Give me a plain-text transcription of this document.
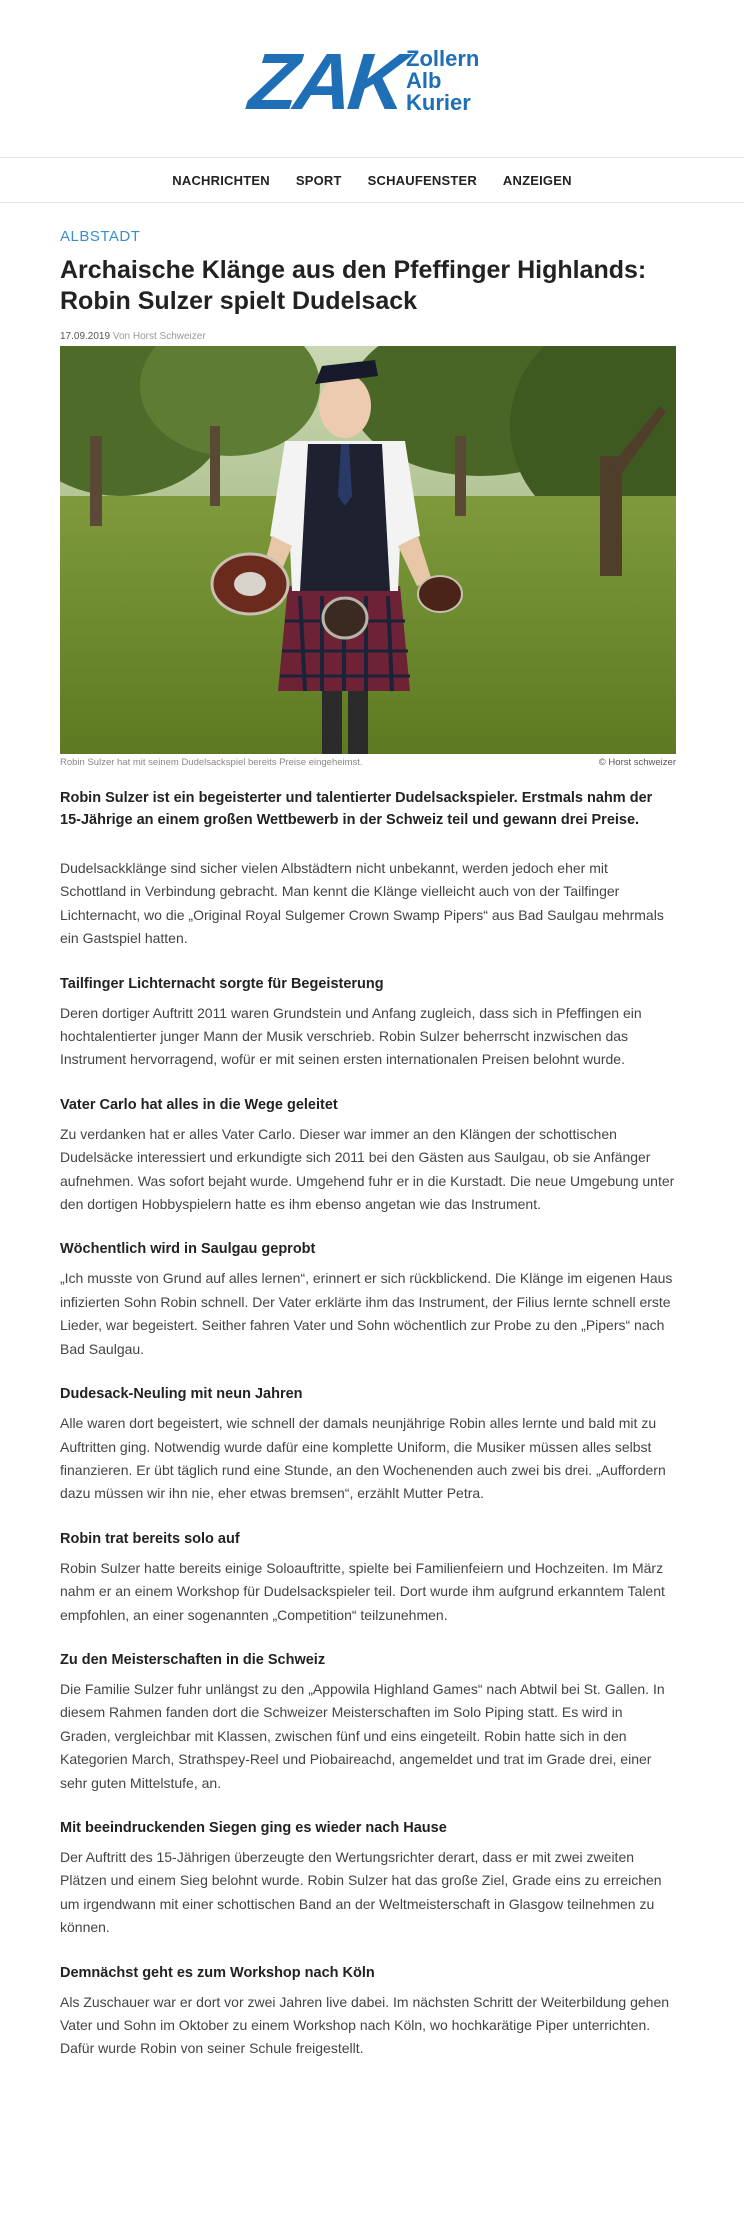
ZAK
Zollern
Alb
Kurier
NACHRICHTEN SPORT SCHAUFENSTER ANZEIGEN

ALBSTADT

Archaische Klänge aus den Pfeffinger Highlands: Robin Sulzer spielt Dudelsack
17.09.2019 Von Horst Schweizer
Robin Sulzer hat mit seinem Dudelsackspiel bereits Preise eingeheimst.	© Horst schweizer

Robin Sulzer ist ein begeisterter und talentierter Dudelsackspieler. Erstmals nahm der 15-Jährige an einem großen Wettbewerb in der Schweiz teil und gewann drei Preise.

Dudelsackklänge sind sicher vielen Albstädtern nicht unbekannt, werden jedoch eher mit Schottland in Verbindung gebracht. Man kennt die Klänge vielleicht auch von der Tailfinger Lichternacht, wo die „Original Royal Sulgemer Crown Swamp Pipers“ aus Bad Saulgau mehrmals ein Gastspiel hatten.

Tailfinger Lichternacht sorgte für Begeisterung

Deren dortiger Auftritt 2011 waren Grundstein und Anfang zugleich, dass sich in Pfeffingen ein hochtalentierter junger Mann der Musik verschrieb. Robin Sulzer beherrscht inzwischen das Instrument hervorragend, wofür er mit seinen ersten internationalen Preisen belohnt wurde.

Vater Carlo hat alles in die Wege geleitet

Zu verdanken hat er alles Vater Carlo. Dieser war immer an den Klängen der schottischen Dudelsäcke interessiert und erkundigte sich 2011 bei den Gästen aus Saulgau, ob sie Anfänger aufnehmen. Was sofort bejaht wurde. Umgehend fuhr er in die Kurstadt. Die neue Umgebung unter den dortigen Hobbyspielern hatte es ihm ebenso angetan wie das Instrument.

Wöchentlich wird in Saulgau geprobt

„Ich musste von Grund auf alles lernen“, erinnert er sich rückblickend. Die Klänge im eigenen Haus infizierten Sohn Robin schnell. Der Vater erklärte ihm das Instrument, der Filius lernte schnell erste Lieder, war begeistert. Seither fahren Vater und Sohn wöchentlich zur Probe zu den „Pipers“ nach Bad Saulgau.

Dudesack-Neuling mit neun Jahren

Alle waren dort begeistert, wie schnell der damals neunjährige Robin alles lernte und bald mit zu Auftritten ging. Notwendig wurde dafür eine komplette Uniform, die Musiker müssen alles selbst finanzieren. Er übt täglich rund eine Stunde, an den Wochenenden auch zwei bis drei. „Auffordern dazu müssen wir ihn nie, eher etwas bremsen“, erzählt Mutter Petra.

Robin trat bereits solo auf

Robin Sulzer hatte bereits einige Soloauftritte, spielte bei Familienfeiern und Hochzeiten. Im März nahm er an einem Workshop für Dudelsackspieler teil. Dort wurde ihm aufgrund erkanntem Talent empfohlen, an einer sogenannten „Competition“ teilzunehmen.

Zu den Meisterschaften in die Schweiz

Die Familie Sulzer fuhr unlängst zu den „Appowila Highland Games“ nach Abtwil bei St. Gallen. In diesem Rahmen fanden dort die Schweizer Meisterschaften im Solo Piping statt. Es wird in Graden, vergleichbar mit Klassen, zwischen fünf und eins eingeteilt. Robin hatte sich in den Kategorien March, Strathspey-Reel und Piobaireachd, angemeldet und trat im Grade drei, einer sehr guten Mittelstufe, an.

Mit beeindruckenden Siegen ging es wieder nach Hause

Der Auftritt des 15-Jährigen überzeugte den Wertungsrichter derart, dass er mit zwei zweiten Plätzen und einem Sieg belohnt wurde. Robin Sulzer hat das große Ziel, Grade eins zu erreichen um irgendwann mit einer schottischen Band an der Weltmeisterschaft in Glasgow teilnehmen zu können.

Demnächst geht es zum Workshop nach Köln

Als Zuschauer war er dort vor zwei Jahren live dabei. Im nächsten Schritt der Weiterbildung gehen Vater und Sohn im Oktober zu einem Workshop nach Köln, wo hochkarätige Piper unterrichten. Dafür wurde Robin von seiner Schule freigestellt.
